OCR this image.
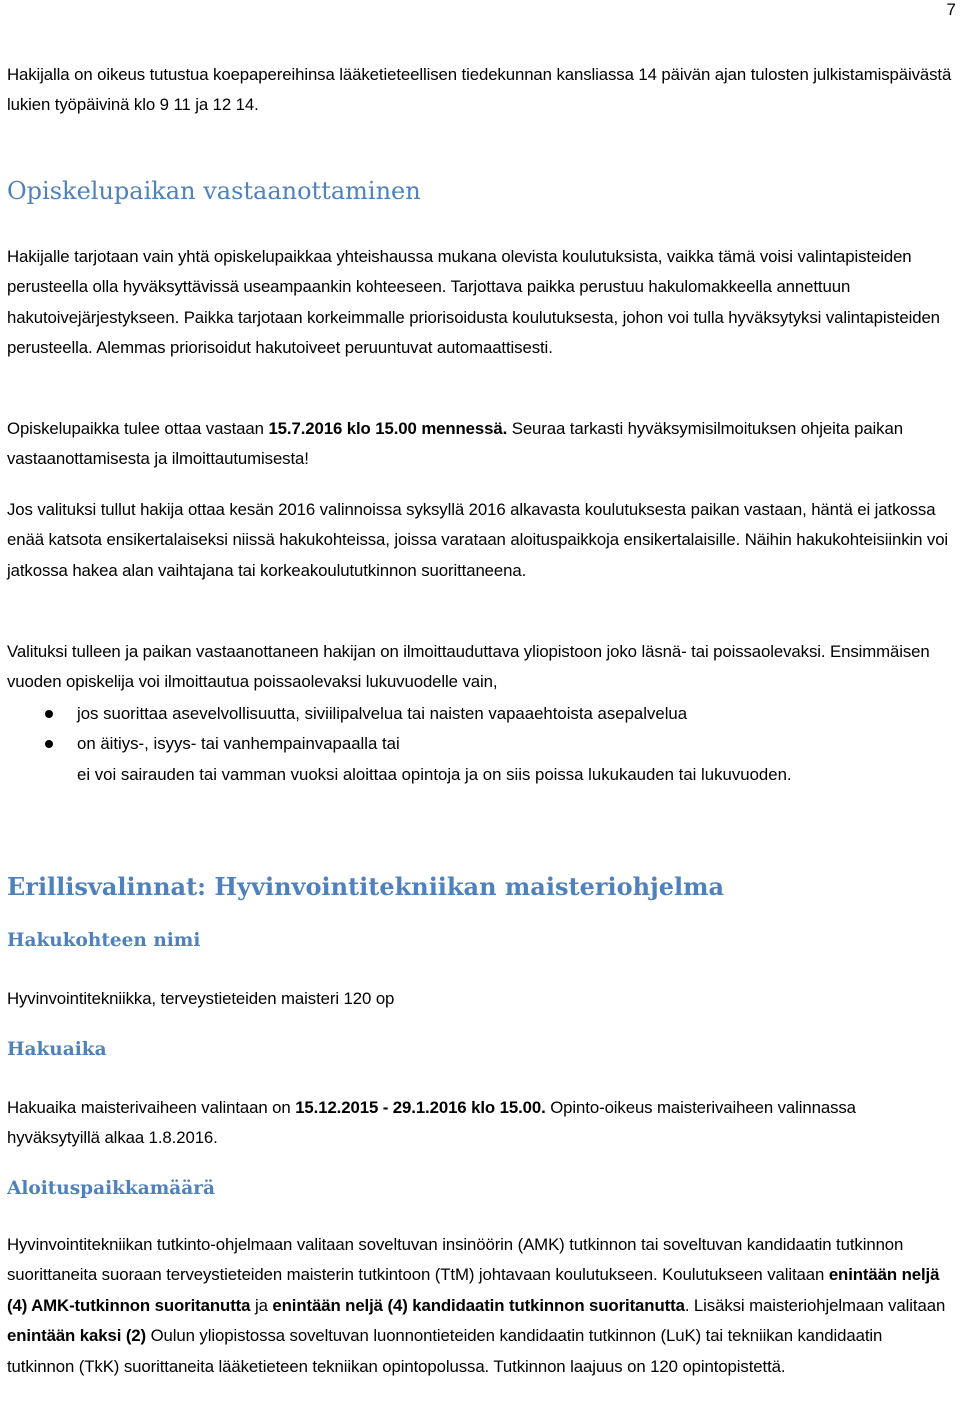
7

Hakijalla on oikeus tutustua koepapereihinsa lääketieteellisen tiedekunnan kansliassa 14 päivän ajan tulosten julkistamispäivästä lukien työpäivinä klo 9 11 ja 12 14.

Opiskelupaikan vastaanottaminen

Hakijalle tarjotaan vain yhtä opiskelupaikkaa yhteishaussa mukana olevista koulutuksista, vaikka tämä voisi valintapisteiden perusteella olla hyväksyttävissä useampaankin kohteeseen. Tarjottava paikka perustuu hakulomakkeella annettuun hakutoivejärjestykseen. Paikka tarjotaan korkeimmalle priorisoidusta koulutuksesta, johon voi tulla hyväksytyksi valintapisteiden perusteella. Alemmas priorisoidut hakutoiveet peruuntuvat automaattisesti.

Opiskelupaikka tulee ottaa vastaan 15.7.2016 klo 15.00 mennessä. Seuraa tarkasti hyväksymisilmoituksen ohjeita paikan vastaanottamisesta ja ilmoittautumisesta!

Jos valituksi tullut hakija ottaa kesän 2016 valinnoissa syksyllä 2016 alkavasta koulutuksesta paikan vastaan, häntä ei jatkossa enää katsota ensikertalaiseksi niissä hakukohteissa, joissa varataan aloituspaikkoja ensikertalaisille. Näihin hakukohteisiinkin voi jatkossa hakea alan vaihtajana tai korkeakoulututkinnon suorittaneena.

Valituksi tulleen ja paikan vastaanottaneen hakijan on ilmoittauduttava yliopistoon joko läsnä- tai poissaolevaksi. Ensimmäisen vuoden opiskelija voi ilmoittautua poissaolevaksi lukuvuodelle vain,

jos suorittaa asevelvollisuutta, siviilipalvelua tai naisten vapaaehtoista asepalvelua
on äitiys-, isyys- tai vanhempainvapaalla tai
ei voi sairauden tai vamman vuoksi aloittaa opintoja ja on siis poissa lukukauden tai lukuvuoden.
Erillisvalinnat: Hyvinvointitekniikan maisteriohjelma
Hakukohteen nimi

Hyvinvointitekniikka, terveystieteiden maisteri 120 op

Hakuaika

Hakuaika maisterivaiheen valintaan on 15.12.2015 - 29.1.2016 klo 15.00. Opinto-oikeus maisterivaiheen valinnassa hyväksytyillä alkaa 1.8.2016.

Aloituspaikkamäärä

Hyvinvointitekniikan tutkinto-ohjelmaan valitaan soveltuvan insinöörin (AMK) tutkinnon tai soveltuvan kandidaatin tutkinnon suorittaneita suoraan terveystieteiden maisterin tutkintoon (TtM) johtavaan koulutukseen. Koulutukseen valitaan enintään neljä (4) AMK-tutkinnon suoritanutta ja enintään neljä (4) kandidaatin tutkinnon suoritanutta. Lisäksi maisteriohjelmaan valitaan enintään kaksi (2) Oulun yliopistossa soveltuvan luonnontieteiden kandidaatin tutkinnon (LuK) tai tekniikan kandidaatin tutkinnon (TkK) suorittaneita lääketieteen tekniikan opintopolussa. Tutkinnon laajuus on 120 opintopistettä.
